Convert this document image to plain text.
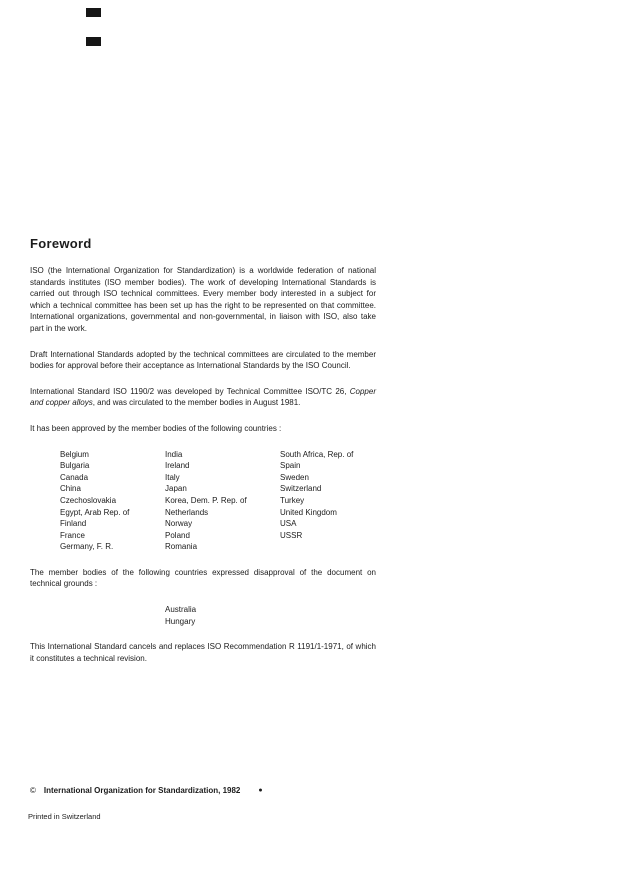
Foreword

ISO (the International Organization for Standardization) is a worldwide federation of national standards institutes (ISO member bodies). The work of developing International Standards is carried out through ISO technical committees. Every member body interested in a subject for which a technical committee has been set up has the right to be represented on that committee. International organizations, governmental and non-governmental, in liaison with ISO, also take part in the work.

Draft International Standards adopted by the technical committees are circulated to the member bodies for approval before their acceptance as International Standards by the ISO Council.

International Standard ISO 1190/2 was developed by Technical Committee ISO/TC 26, Copper and copper alloys, and was circulated to the member bodies in August 1981.

It has been approved by the member bodies of the following countries :

Belgium
Bulgaria
Canada
China
Czechoslovakia
Egypt, Arab Rep. of
Finland
France
Germany, F. R.
India
Ireland
Italy
Japan
Korea, Dem. P. Rep. of
Netherlands
Norway
Poland
Romania
South Africa, Rep. of
Spain
Sweden
Switzerland
Turkey
United Kingdom
USA
USSR

The member bodies of the following countries expressed disapproval of the document on technical grounds :

Australia
Hungary

This International Standard cancels and replaces ISO Recommendation R 1191/1-1971, of which it constitutes a technical revision.

© International Organization for Standardization, 1982	●
Printed in Switzerland
